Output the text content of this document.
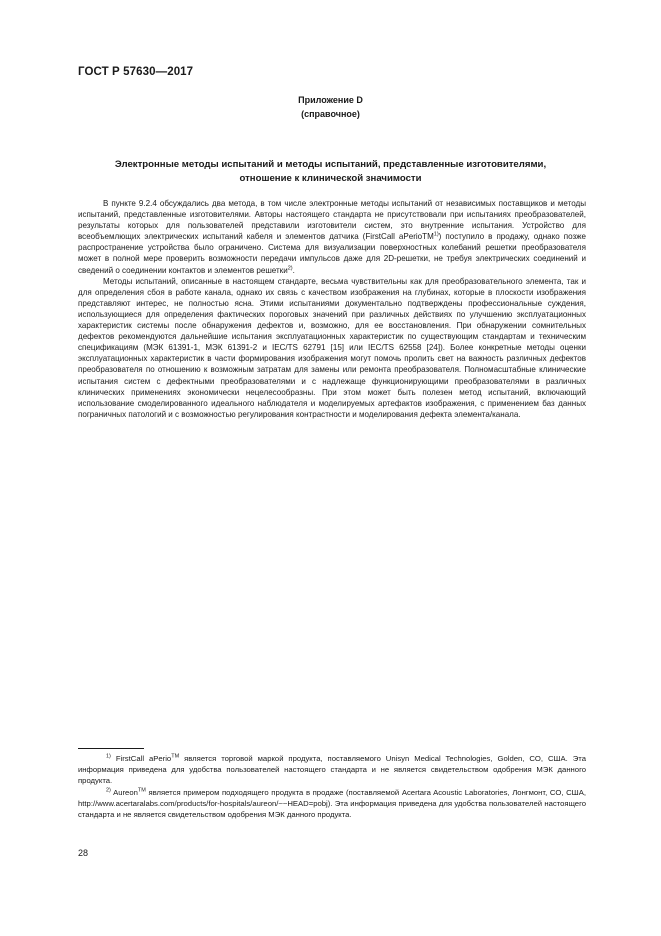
ГОСТ Р 57630—2017
Приложение D
(справочное)
Электронные методы испытаний и методы испытаний, представленные изготовителями,
отношение к клинической значимости

В пункте 9.2.4 обсуждались два метода, в том числе электронные методы испытаний от независимых поставщиков и методы испытаний, представленные изготовителями. Авторы настоящего стандарта не присутствовали при испытаниях преобразователей, результаты которых для пользователей представили изготовители систем, это внутренние испытания. Устройство для всеобъемлющих электрических испытаний кабеля и элементов датчика (FirstCall aPerioTM$^{1)}$) поступило в продажу, однако позже распространение устройства было ограничено. Система для визуализации поверхностных колебаний решетки преобразователя может в полной мере проверить возможности передачи импульсов даже для 2D-решетки, не требуя электрических соединений и сведений о соединении контактов и элементов решетки$^{2)}$.

Методы испытаний, описанные в настоящем стандарте, весьма чувствительны как для преобразовательного элемента, так и для определения сбоя в работе канала, однако их связь с качеством изображения на глубинах, которые в плоскости изображения представляют интерес, не полностью ясна. Этими испытаниями документально подтверждены профессиональные суждения, использующиеся для определения фактических пороговых значений при различных действиях по улучшению эксплуатационных характеристик системы после обнаружения дефектов и, возможно, для ее восстановления. При обнаружении сомнительных дефектов рекомендуются дальнейшие испытания эксплуатационных характеристик по существующим стандартам и техническим спецификациям (МЭК 61391-1, МЭК 61391-2 и IEC/TS 62791 [15] или IEC/TS 62558 [24]). Более конкретные методы оценки эксплуатационных характеристик в части формирования изображения могут помочь пролить свет на важность различных дефектов преобразователя по отношению к возможным затратам для замены или ремонта преобразователя. Полномасштабные клинические испытания систем с дефектными преобразователями и с надлежаще функционирующими преобразователями в различных клинических применениях экономически нецелесообразны. При этом может быть полезен метод испытаний, включающий использование смоделированного идеального наблюдателя и моделируемых артефактов изображения, с применением баз данных пограничных патологий и с возможностью регулирования контрастности и моделирования дефекта элемента/канала.

$^{1)}$ FirstCall aPerio™ является торговой маркой продукта, поставляемого Unisyn Medical Technologies, Golden, CO, США. Эта информация приведена для удобства пользователей настоящего стандарта и не является свидетельством одобрения МЭК данного продукта.

$^{2)}$ Aureon™ является примером подходящего продукта в продаже (поставляемой Acertara Acoustic Laboratories, Лонгмонт, CO, США, http://www.acertaralabs.com/products/for-hospitals/aureon/~~HEAD=pobj). Эта информация приведена для удобства пользователей настоящего стандарта и не является свидетельством одобрения МЭК данного продукта.

28
